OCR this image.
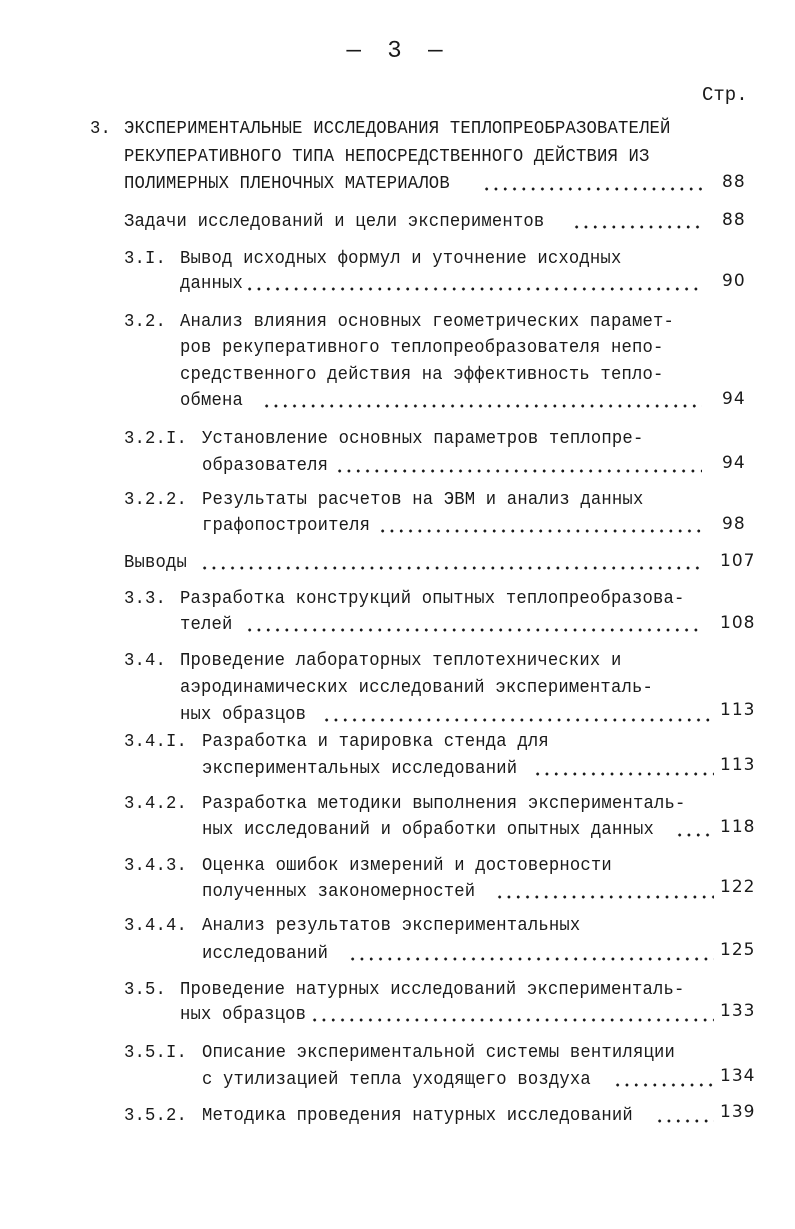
— 3 —
Стр.
3. ЭКСПЕРИМЕНТАЛЬНЫЕ ИССЛЕДОВАНИЯ ТЕПЛОПРЕОБРАЗОВАТЕЛЕЙ
РЕКУПЕРАТИВНОГО ТИПА НЕПОСРЕДСТВЕННОГО ДЕЙСТВИЯ ИЗ
ПОЛИМЕРНЫХ ПЛЕНОЧНЫХ МАТЕРИАЛОВ	88
Задачи исследований и цели экспериментов	88
3.I. Вывод исходных формул и уточнение исходных
данных	90
3.2. Анализ влияния основных геометрических парамет-
ров рекуперативного теплопреобразователя непо-
средственного действия на эффективность тепло-
обмена	94
3.2.I. Установление основных параметров теплопре-
образователя	94
3.2.2. Результаты расчетов на ЭВМ и анализ данных
графопостроителя	98
Выводы	107
3.3. Разработка конструкций опытных теплопреобразова-
телей	108
3.4. Проведение лабораторных теплотехнических и
аэродинамических исследований эксперименталь-
ных образцов	113
3.4.I. Разработка и тарировка стенда для
экспериментальных исследований	113
3.4.2. Разработка методики выполнения эксперименталь-
ных исследований и обработки опытных данных	118
3.4.3. Оценка ошибок измерений и достоверности
полученных закономерностей	122
3.4.4. Анализ результатов экспериментальных
исследований	125
3.5. Проведение натурных исследований эксперименталь-
ных образцов	133
3.5.I. Описание экспериментальной системы вентиляции
с утилизацией тепла уходящего воздуха	134
3.5.2. Методика проведения натурных исследований	139
